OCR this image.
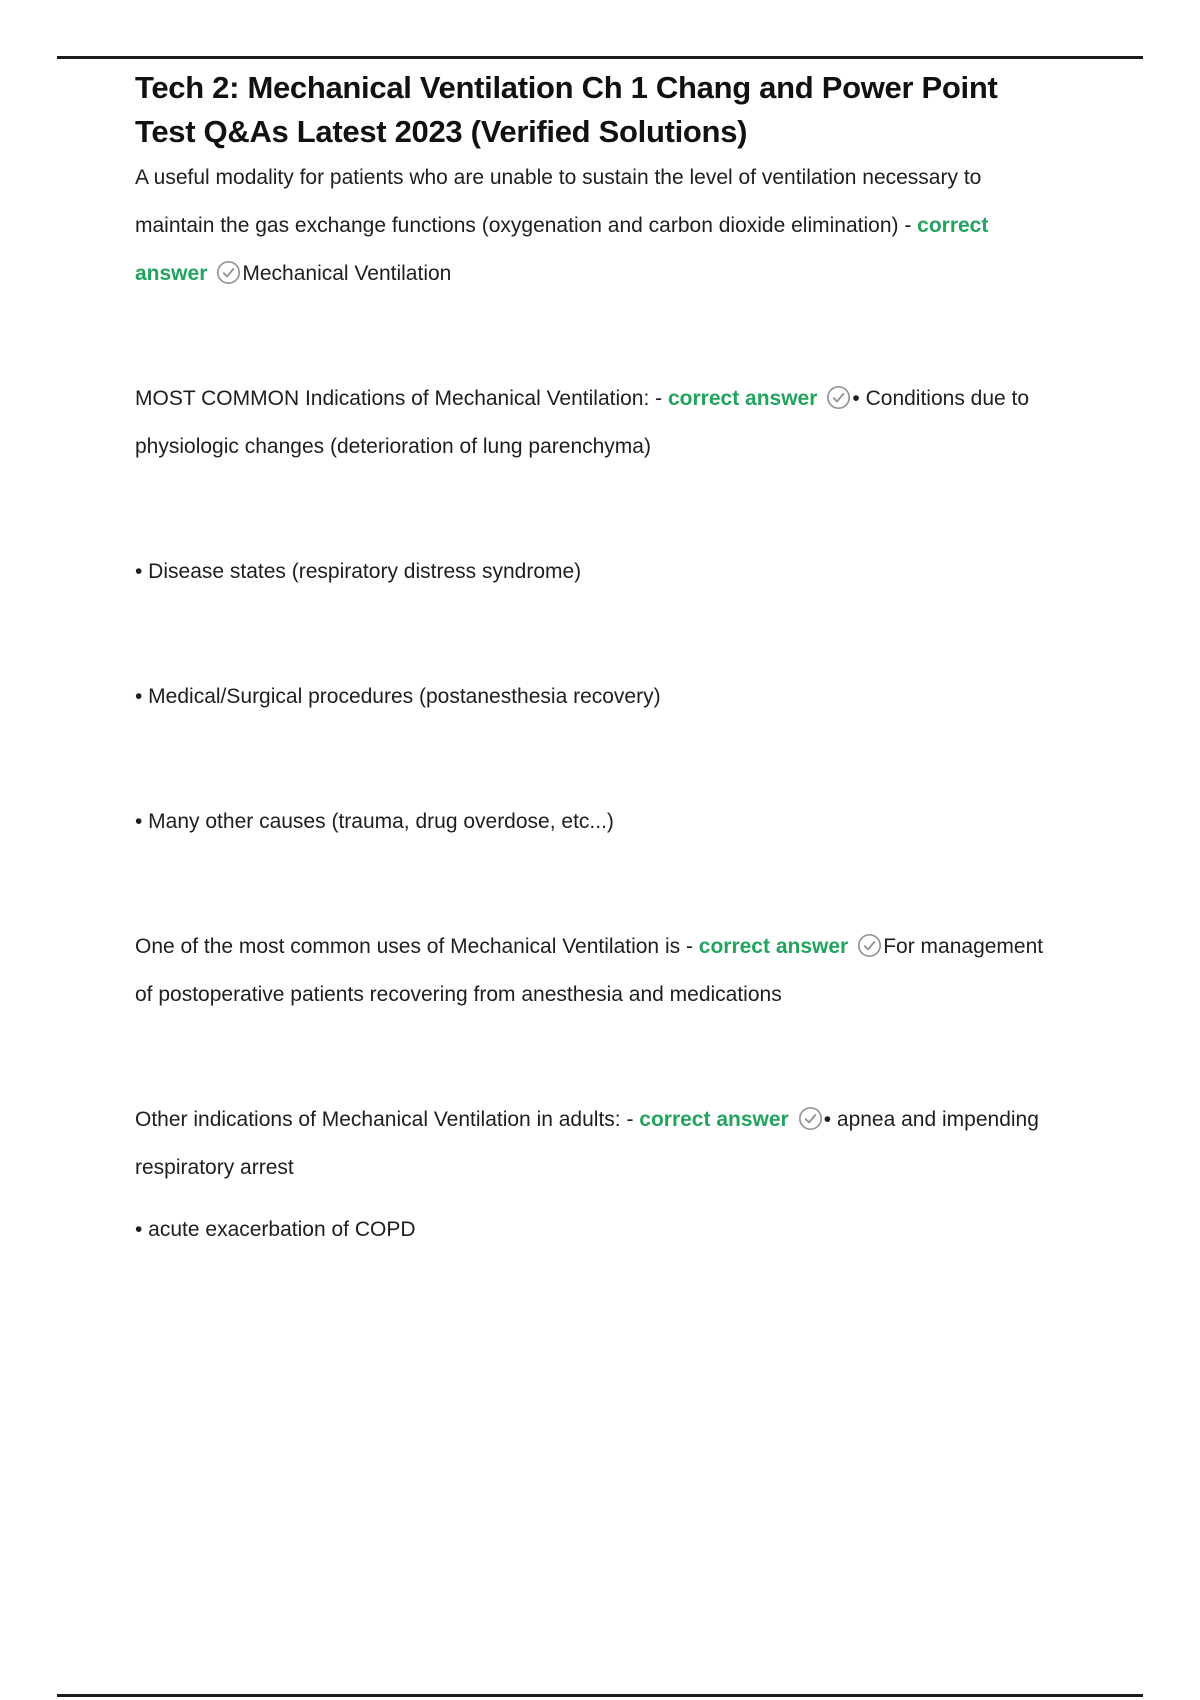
Tech 2: Mechanical Ventilation Ch 1 Chang and Power Point Test Q&As Latest 2023 (Verified Solutions)

A useful modality for patients who are unable to sustain the level of ventilation necessary to maintain the gas exchange functions (oxygenation and carbon dioxide elimination) - correct answer Mechanical Ventilation

MOST COMMON Indications of Mechanical Ventilation: - correct answer • Conditions due to physiologic changes (deterioration of lung parenchyma)

• Disease states (respiratory distress syndrome)

• Medical/Surgical procedures (postanesthesia recovery)

• Many other causes (trauma, drug overdose, etc...)

One of the most common uses of Mechanical Ventilation is - correct answer For management of postoperative patients recovering from anesthesia and medications

Other indications of Mechanical Ventilation in adults: - correct answer • apnea and impending respiratory arrest

• acute exacerbation of COPD
